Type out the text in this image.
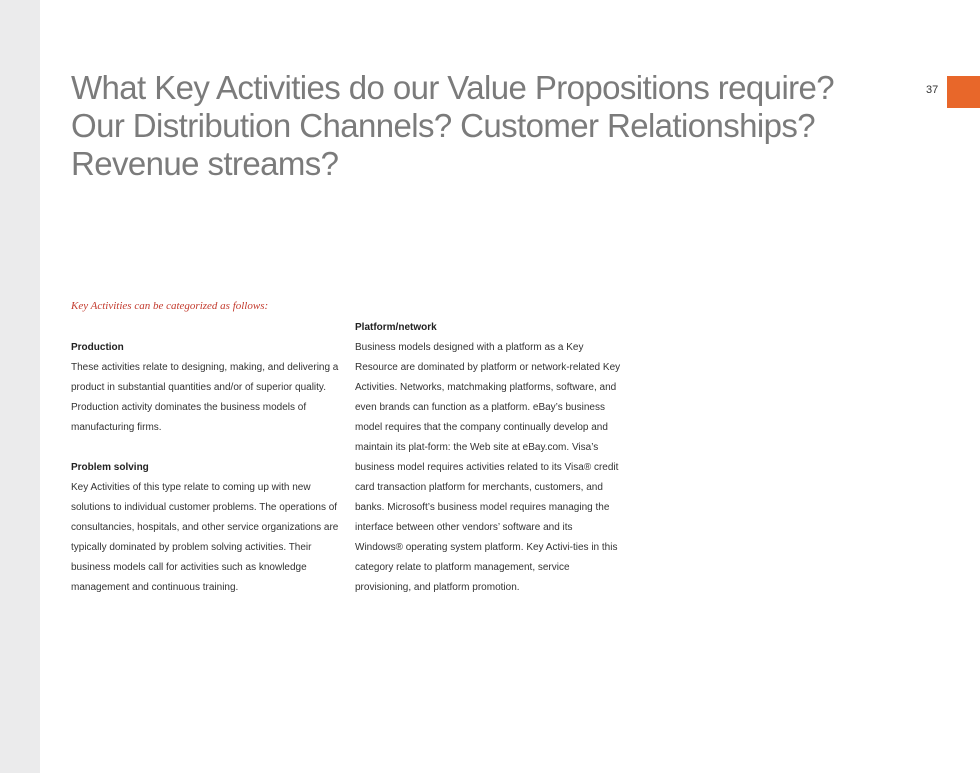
37
What Key Activities do our Value Propositions require?
Our Distribution Channels? Customer Relationships?
Revenue streams?

Key Activities can be categorized as follows:

Production

These activities relate to designing, making, and delivering a product in substantial quantities and/or of superior quality. Production activity dominates the business models of manufacturing firms.

Problem solving

Key Activities of this type relate to coming up with new solutions to individual customer problems. The operations of consultancies, hospitals, and other service organizations are typically dominated by problem solving activities. Their business models call for activities such as knowledge management and continuous training.

Platform/network

Business models designed with a platform as a Key Resource are dominated by platform or network-related Key Activities. Networks, matchmaking platforms, software, and even brands can function as a platform. eBay’s business model requires that the company continually develop and maintain its plat-form: the Web site at eBay.com. Visa’s business model requires activities related to its Visa® credit card transaction platform for merchants, customers, and banks. Microsoft’s business model requires managing the interface between other vendors’ software and its Windows® operating system platform. Key Activi-ties in this category relate to platform management, service provisioning, and platform promotion.
